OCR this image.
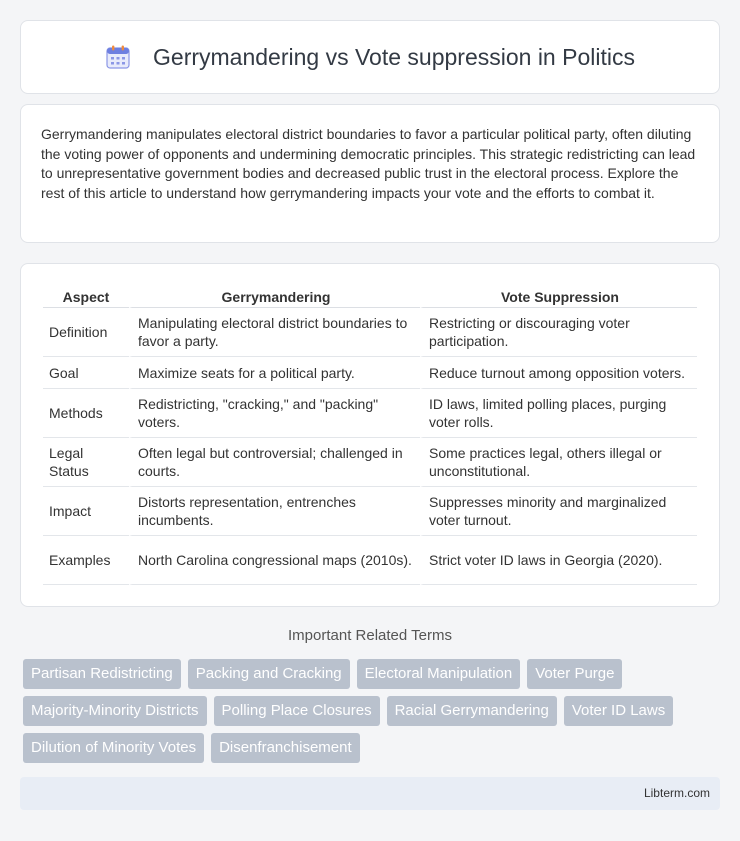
Gerrymandering vs Vote suppression in Politics

Gerrymandering manipulates electoral district boundaries to favor a particular political party, often diluting the voting power of opponents and undermining democratic principles. This strategic redistricting can lead to unrepresentative government bodies and decreased public trust in the electoral process. Explore the rest of this article to understand how gerrymandering impacts your vote and the efforts to combat it.

Aspect	Gerrymandering	Vote Suppression
Definition	Manipulating electoral district boundaries to favor a party.	Restricting or discouraging voter participation.
Goal	Maximize seats for a political party.	Reduce turnout among opposition voters.
Methods	Redistricting, "cracking," and "packing" voters.	ID laws, limited polling places, purging voter rolls.
Legal Status	Often legal but controversial; challenged in courts.	Some practices legal, others illegal or unconstitutional.
Impact	Distorts representation, entrenches incumbents.	Suppresses minority and marginalized voter turnout.
Examples	North Carolina congressional maps (2010s).	Strict voter ID laws in Georgia (2020).
Important Related Terms
Partisan Redistricting	Packing and Cracking	Electoral Manipulation	Voter Purge
Majority-Minority Districts	Polling Place Closures	Racial Gerrymandering	Voter ID Laws
Dilution of Minority Votes	Disenfranchisement
Libterm.com
